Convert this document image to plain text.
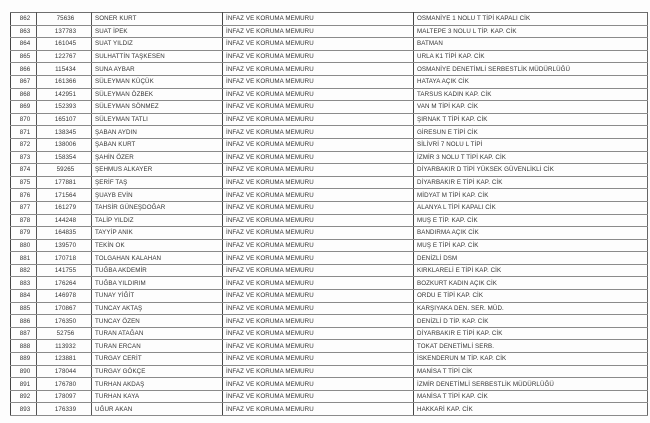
862	75636	SONER KURT	İNFAZ VE KORUMA MEMURU	OSMANİYE 1 NOLU T TİPİ KAPALI CİK
863	137783	SUAT İPEK	İNFAZ VE KORUMA MEMURU	MALTEPE 3 NOLU L TİP. KAP. CİK
864	161045	SUAT YILDIZ	İNFAZ VE KORUMA MEMURU	BATMAN
865	122767	SULHATTİN TAŞKESEN	İNFAZ VE KORUMA MEMURU	URLA K1 TİPİ KAP. CİK
866	115434	SUNA AYBAR	İNFAZ VE KORUMA MEMURU	OSMANİYE DENETİMLİ SERBESTLİK MÜDÜRLÜĞÜ
867	161366	SÜLEYMAN KÜÇÜK	İNFAZ VE KORUMA MEMURU	HATAYA AÇIK CİK
868	142951	SÜLEYMAN ÖZBEK	İNFAZ VE KORUMA MEMURU	TARSUS KADIN KAP. CİK
869	152393	SÜLEYMAN SÖNMEZ	İNFAZ VE KORUMA MEMURU	VAN M TİPİ KAP. CİK
870	165107	SÜLEYMAN TATLI	İNFAZ VE KORUMA MEMURU	ŞIRNAK T TİPİ KAP. CİK
871	138345	ŞABAN AYDIN	İNFAZ VE KORUMA MEMURU	GİRESUN E TİPİ CİK
872	138006	ŞABAN KURT	İNFAZ VE KORUMA MEMURU	SİLİVRİ 7 NOLU L TİPİ
873	158354	ŞAHİN ÖZER	İNFAZ VE KORUMA MEMURU	İZMİR 3 NOLU T TİPİ KAP. CİK
874	59265	ŞEHMUS ALKAYER	İNFAZ VE KORUMA MEMURU	DİYARBAKIR D TİPİ YÜKSEK GÜVENLİKLİ CİK
875	177881	ŞERİF TAŞ	İNFAZ VE KORUMA MEMURU	DİYARBAKIR E TİPİ KAP. CİK
876	171564	ŞUAYB EVİN	İNFAZ VE KORUMA MEMURU	MİDYAT M TİPİ KAP. CİK
877	161279	TAHSİR GÜNEŞDOĞAR	İNFAZ VE KORUMA MEMURU	ALANYA L TİPİ KAPALI CİK
878	144248	TALİP YILDIZ	İNFAZ VE KORUMA MEMURU	MUŞ E TİP. KAP. CİK
879	164835	TAYYİP ANIK	İNFAZ VE KORUMA MEMURU	BANDIRMA AÇIK CİK
880	139570	TEKİN OK	İNFAZ VE KORUMA MEMURU	MUŞ E TİPİ KAP. CİK
881	170718	TOLGAHAN KALAHAN	İNFAZ VE KORUMA MEMURU	DENİZLİ DSM
882	141755	TUĞBA AKDEMİR	İNFAZ VE KORUMA MEMURU	KIRKLARELİ E TİPİ KAP. CİK
883	176264	TUĞBA YILDIRIM	İNFAZ VE KORUMA MEMURU	BOZKURT KADIN AÇIK CİK
884	146978	TUNAY YİĞİT	İNFAZ VE KORUMA MEMURU	ORDU E TİPİ KAP. CİK
885	170867	TUNCAY AKTAŞ	İNFAZ VE KORUMA MEMURU	KARŞIYAKA DEN. SER. MÜD.
886	176350	TUNCAY ÖZEN	İNFAZ VE KORUMA MEMURU	DENİZLİ D TİP. KAP. CİK
887	52756	TURAN ATAĞAN	İNFAZ VE KORUMA MEMURU	DİYARBAKIR E TİPİ KAP. CİK
888	113932	TURAN ERCAN	İNFAZ VE KORUMA MEMURU	TOKAT DENETİMLİ SERB.
889	123881	TURGAY CERİT	İNFAZ VE KORUMA MEMURU	İSKENDERUN M TİP. KAP. CİK
890	178044	TURGAY GÖKÇE	İNFAZ VE KORUMA MEMURU	MANİSA T TİPİ CİK
891	176780	TURHAN AKDAŞ	İNFAZ VE KORUMA MEMURU	İZMİR DENETİMLİ SERBESTLİK MÜDÜRLÜĞÜ
892	178097	TURHAN KAYA	İNFAZ VE KORUMA MEMURU	MANİSA T TİPİ KAP. CİK
893	176339	UĞUR AKAN	İNFAZ VE KORUMA MEMURU	HAKKARİ KAP. CİK
